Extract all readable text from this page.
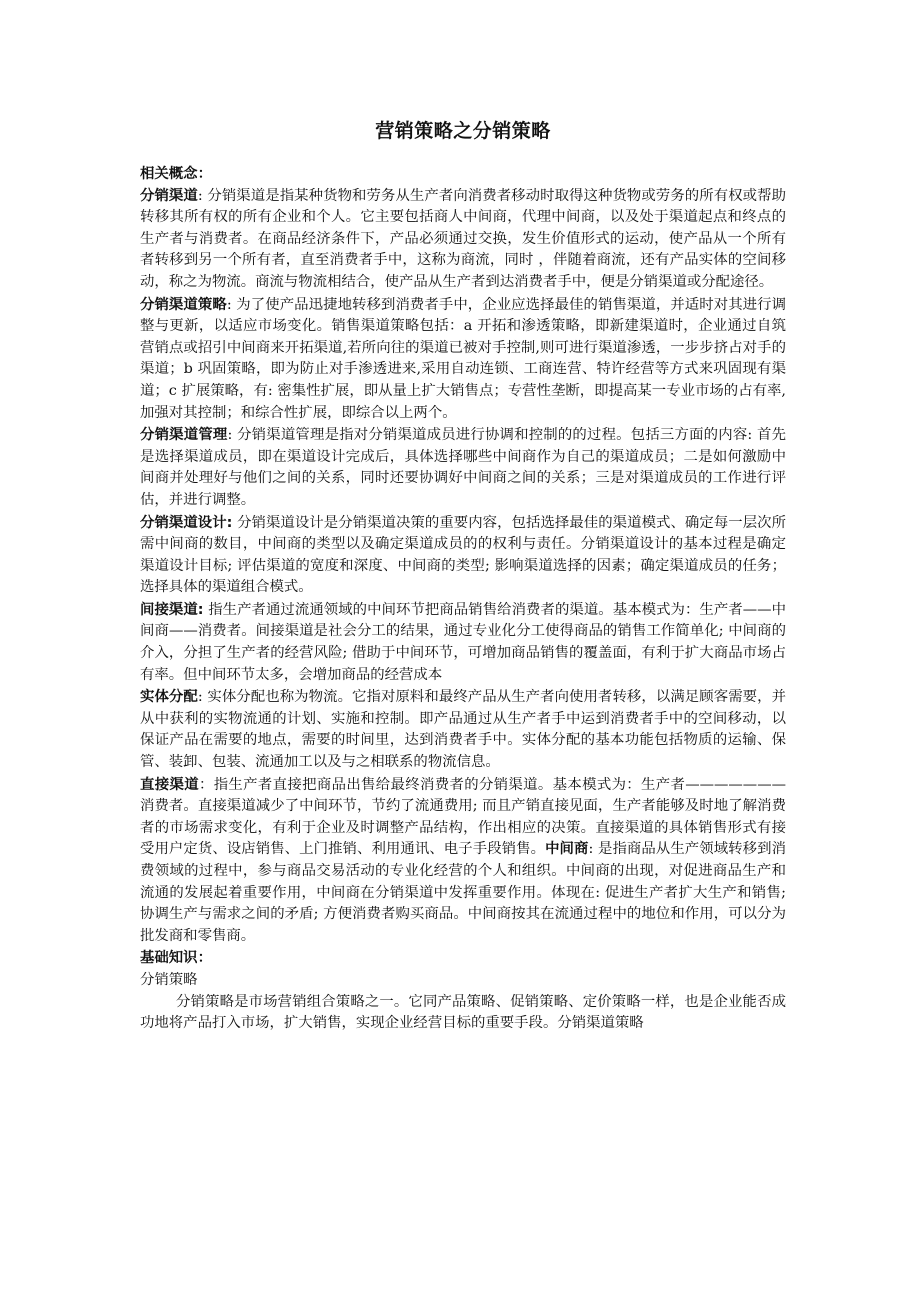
营销策略之分销策略
相关概念：

分销渠道: 分销渠道是指某种货物和劳务从生产者向消费者移动时取得这种货物或劳务的所有权或帮助转移其所有权的所有企业和个人。它主要包括商人中间商，代理中间商，以及处于渠道起点和终点的生产者与消费者。在商品经济条件下，产品必须通过交换，发生价值形式的运动，使产品从一个所有者转移到另一个所有者，直至消费者手中，这称为商流，同时 ，伴随着商流，还有产品实体的空间移动，称之为物流。商流与物流相结合，使产品从生产者到达消费者手中，便是分销渠道或分配途径。

分销渠道策略: 为了使产品迅捷地转移到消费者手中，企业应选择最佳的销售渠道，并适时对其进行调整与更新，以适应市场变化。销售渠道策略包括：a 开拓和渗透策略，即新建渠道时，企业通过自筑营销点或招引中间商来开拓渠道,若所向往的渠道已被对手控制,则可进行渠道渗透，一步步挤占对手的渠道；b 巩固策略，即为防止对手渗透进来,采用自动连锁、工商连营、特许经营等方式来巩固现有渠道；c 扩展策略，有: 密集性扩展，即从量上扩大销售点；专营性垄断，即提高某一专业市场的占有率,加强对其控制；和综合性扩展，即综合以上两个。

分销渠道管理: 分销渠道管理是指对分销渠道成员进行协调和控制的的过程。包括三方面的内容: 首先是选择渠道成员，即在渠道设计完成后，具体选择哪些中间商作为自己的渠道成员；二是如何激励中间商并处理好与他们之间的关系，同时还要协调好中间商之间的关系；三是对渠道成员的工作进行评估，并进行调整。

分销渠道设计: 分销渠道设计是分销渠道决策的重要内容，包括选择最佳的渠道模式、确定每一层次所需中间商的数目，中间商的类型以及确定渠道成员的的权利与责任。分销渠道设计的基本过程是确定渠道设计目标; 评估渠道的宽度和深度、中间商的类型; 影响渠道选择的因素；确定渠道成员的任务；选择具体的渠道组合模式。

间接渠道: 指生产者通过流通领域的中间环节把商品销售给消费者的渠道。基本模式为：生产者——中间商——消费者。间接渠道是社会分工的结果，通过专业化分工使得商品的销售工作简单化; 中间商的介入，分担了生产者的经营风险; 借助于中间环节，可增加商品销售的覆盖面，有利于扩大商品市场占有率。但中间环节太多，会增加商品的经营成本

实体分配: 实体分配也称为物流。它指对原料和最终产品从生产者向使用者转移，以满足顾客需要，并从中获利的实物流通的计划、实施和控制。即产品通过从生产者手中运到消费者手中的空间移动，以保证产品在需要的地点，需要的时间里，达到消费者手中。实体分配的基本功能包括物质的运输、保管、装卸、包装、流通加工以及与之相联系的物流信息。

直接渠道：指生产者直接把商品出售给最终消费者的分销渠道。基本模式为：生产者———————消费者。直接渠道减少了中间环节，节约了流通费用; 而且产销直接见面，生产者能够及时地了解消费者的市场需求变化，有利于企业及时调整产品结构，作出相应的决策。直接渠道的具体销售形式有接受用户定货、设店销售、上门推销、利用通讯、电子手段销售。中间商: 是指商品从生产领域转移到消费领域的过程中，参与商品交易活动的专业化经营的个人和组织。中间商的出现，对促进商品生产和流通的发展起着重要作用，中间商在分销渠道中发挥重要作用。体现在: 促进生产者扩大生产和销售; 协调生产与需求之间的矛盾; 方便消费者购买商品。中间商按其在流通过程中的地位和作用，可以分为批发商和零售商。

基础知识：

分销策略

分销策略是市场营销组合策略之一。它同产品策略、促销策略、定价策略一样，也是企业能否成功地将产品打入市场，扩大销售，实现企业经营目标的重要手段。分销渠道策略
